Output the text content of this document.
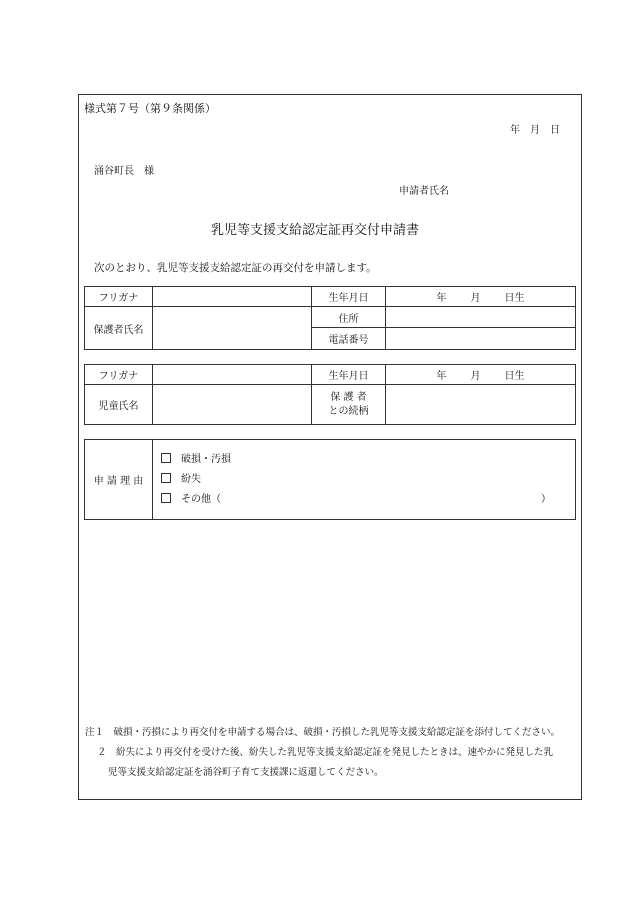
様式第７号（第９条関係）
年 月 日
涌谷町長 様
申請者氏名
乳児等支援支給認定証再交付申請書
次のとおり、乳児等支援支給認定証の再交付を申請します。
フリガナ		生年月日	年 月 日生
保護者氏名		住所	
		電話番号	
フリガナ		生年月日	年 月 日生
児童氏名		保 護 者
との続柄	

申 請 理 由	
破損・汚損
紛失
その他（	）
注１　破損・汚損により再交付を申請する場合は、破損・汚損した乳児等支援支給認定証を添付してください。
２　紛失により再交付を受けた後、紛失した乳児等支援支給認定証を発見したときは、速やかに発見した乳
児等支援支給認定証を涌谷町子育て支援課に返還してください。
